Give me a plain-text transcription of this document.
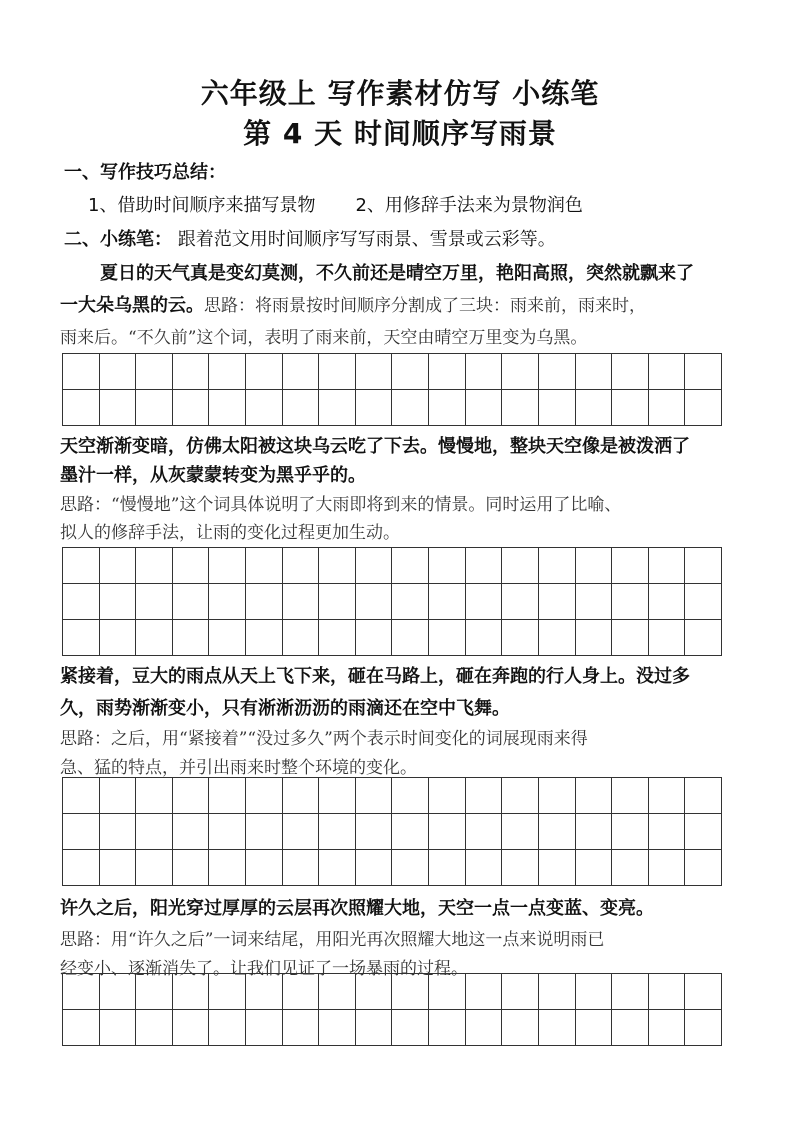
六年级上 写作素材仿写 小练笔
第 4 天 时间顺序写雨景
一、写作技巧总结：
1、借助时间顺序来描写景物 2、用修辞手法来为景物润色
二、小练笔： 跟着范文用时间顺序写写雨景、雪景或云彩等。
夏日的天气真是变幻莫测，不久前还是晴空万里，艳阳高照，突然就飘来了
一大朵乌黑的云。思路：将雨景按时间顺序分割成了三块：雨来前，雨来时，
雨来后。“不久前”这个词，表明了雨来前，天空由晴空万里变为乌黑。

天空渐渐变暗，仿佛太阳被这块乌云吃了下去。慢慢地，整块天空像是被泼洒了
墨汁一样，从灰蒙蒙转变为黑乎乎的。
思路：“慢慢地”这个词具体说明了大雨即将到来的情景。同时运用了比喻、
拟人的修辞手法，让雨的变化过程更加生动。

紧接着，豆大的雨点从天上飞下来，砸在马路上，砸在奔跑的行人身上。没过多
久，雨势渐渐变小，只有淅淅沥沥的雨滴还在空中飞舞。
思路：之后，用“紧接着”“没过多久”两个表示时间变化的词展现雨来得
急、猛的特点，并引出雨来时整个环境的变化。

许久之后，阳光穿过厚厚的云层再次照耀大地，天空一点一点变蓝、变亮。
思路：用“许久之后”一词来结尾，用阳光再次照耀大地这一点来说明雨已
经变小、逐渐消失了。让我们见证了一场暴雨的过程。
